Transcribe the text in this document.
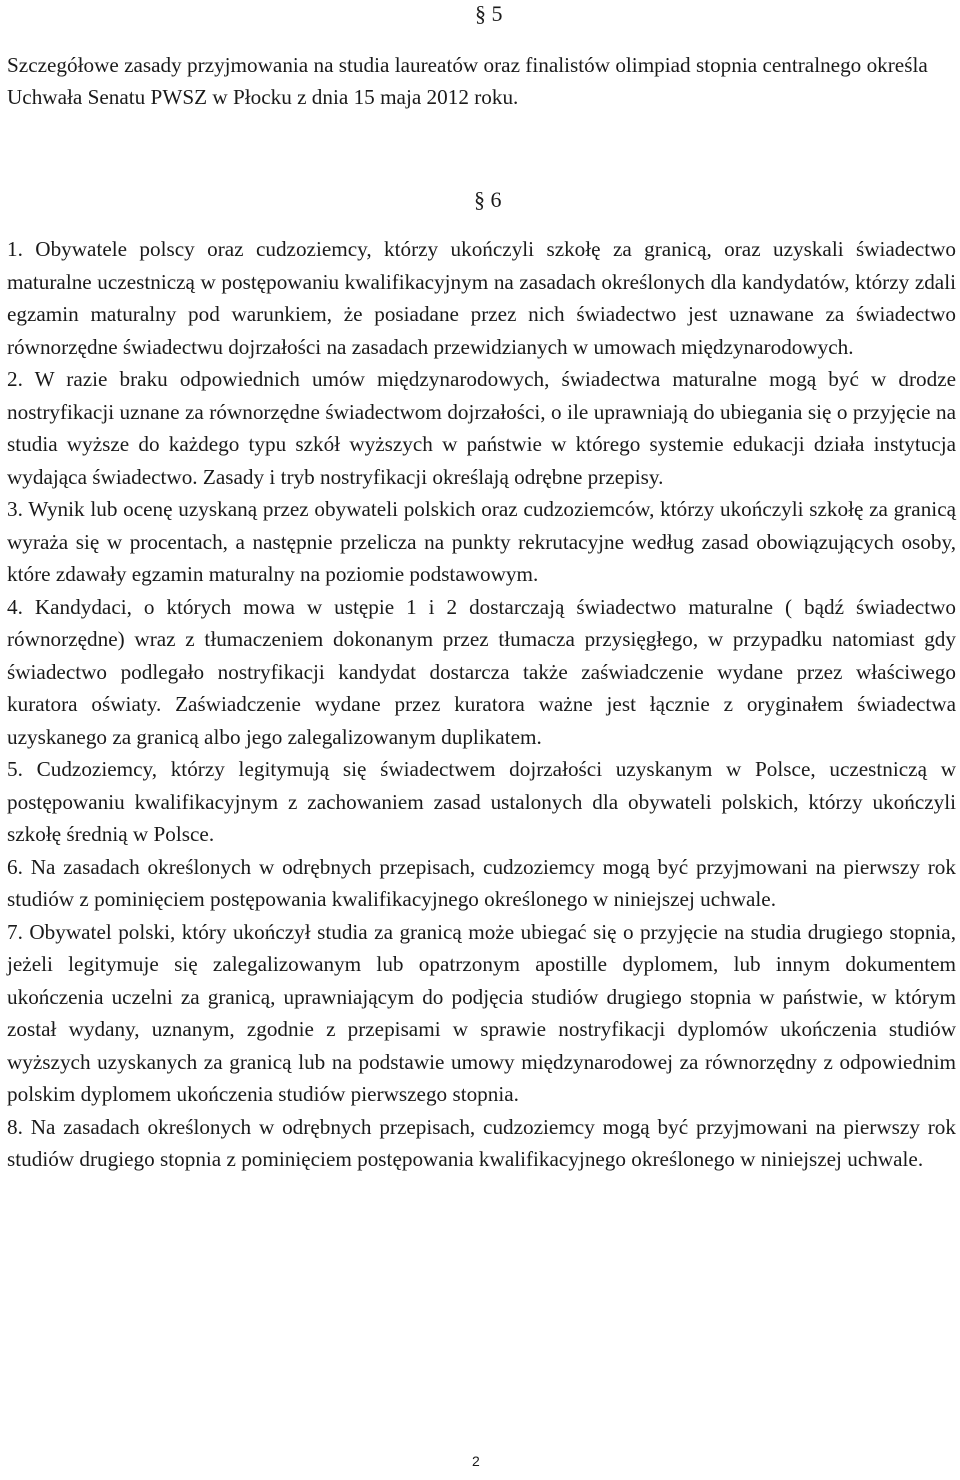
§ 5

Szczegółowe zasady przyjmowania na studia laureatów oraz finalistów olimpiad stopnia centralnego określa Uchwała Senatu PWSZ w Płocku z dnia 15 maja 2012 roku.

§ 6

1. Obywatele polscy oraz cudzoziemcy, którzy ukończyli szkołę za granicą, oraz uzyskali świadectwo maturalne uczestniczą w postępowaniu kwalifikacyjnym na zasadach określonych dla kandydatów, którzy zdali egzamin maturalny pod warunkiem, że posiadane przez nich świadectwo jest uznawane za świadectwo równorzędne świadectwu dojrzałości na zasadach przewidzianych w umowach międzynarodowych.

2. W razie braku odpowiednich umów międzynarodowych, świadectwa maturalne mogą być w drodze nostryfikacji uznane za równorzędne świadectwom dojrzałości, o ile uprawniają do ubiegania się o przyjęcie na studia wyższe do każdego typu szkół wyższych w państwie w którego systemie edukacji działa instytucja wydająca świadectwo. Zasady i tryb nostryfikacji określają odrębne przepisy.

3. Wynik lub ocenę uzyskaną przez obywateli polskich oraz cudzoziemców, którzy ukończyli szkołę za granicą wyraża się w procentach, a następnie przelicza na punkty rekrutacyjne według zasad obowiązujących osoby, które zdawały egzamin maturalny na poziomie podstawowym.

4. Kandydaci, o których mowa w ustępie 1 i 2 dostarczają świadectwo maturalne ( bądź świadectwo równorzędne) wraz z tłumaczeniem dokonanym przez tłumacza przysięgłego, w przypadku natomiast gdy świadectwo podlegało nostryfikacji kandydat dostarcza także zaświadczenie wydane przez właściwego kuratora oświaty. Zaświadczenie wydane przez kuratora ważne jest łącznie z oryginałem świadectwa uzyskanego za granicą albo jego zalegalizowanym duplikatem.

5. Cudzoziemcy, którzy legitymują się świadectwem dojrzałości uzyskanym w Polsce, uczestniczą w postępowaniu kwalifikacyjnym z zachowaniem zasad ustalonych dla obywateli polskich, którzy ukończyli szkołę średnią w Polsce.

6. Na zasadach określonych w odrębnych przepisach, cudzoziemcy mogą być przyjmowani na pierwszy rok studiów z pominięciem postępowania kwalifikacyjnego określonego w niniejszej uchwale.

7. Obywatel polski, który ukończył studia za granicą może ubiegać się o przyjęcie na studia drugiego stopnia, jeżeli legitymuje się zalegalizowanym lub opatrzonym apostille dyplomem, lub innym dokumentem ukończenia uczelni za granicą, uprawniającym do podjęcia studiów drugiego stopnia w państwie, w którym został wydany, uznanym, zgodnie z przepisami w sprawie nostryfikacji dyplomów ukończenia studiów wyższych uzyskanych za granicą lub na podstawie umowy międzynarodowej za równorzędny z odpowiednim polskim dyplomem ukończenia studiów pierwszego stopnia.

8. Na zasadach określonych w odrębnych przepisach, cudzoziemcy mogą być przyjmowani na pierwszy rok studiów drugiego stopnia z pominięciem postępowania kwalifikacyjnego określonego w niniejszej uchwale.

2
